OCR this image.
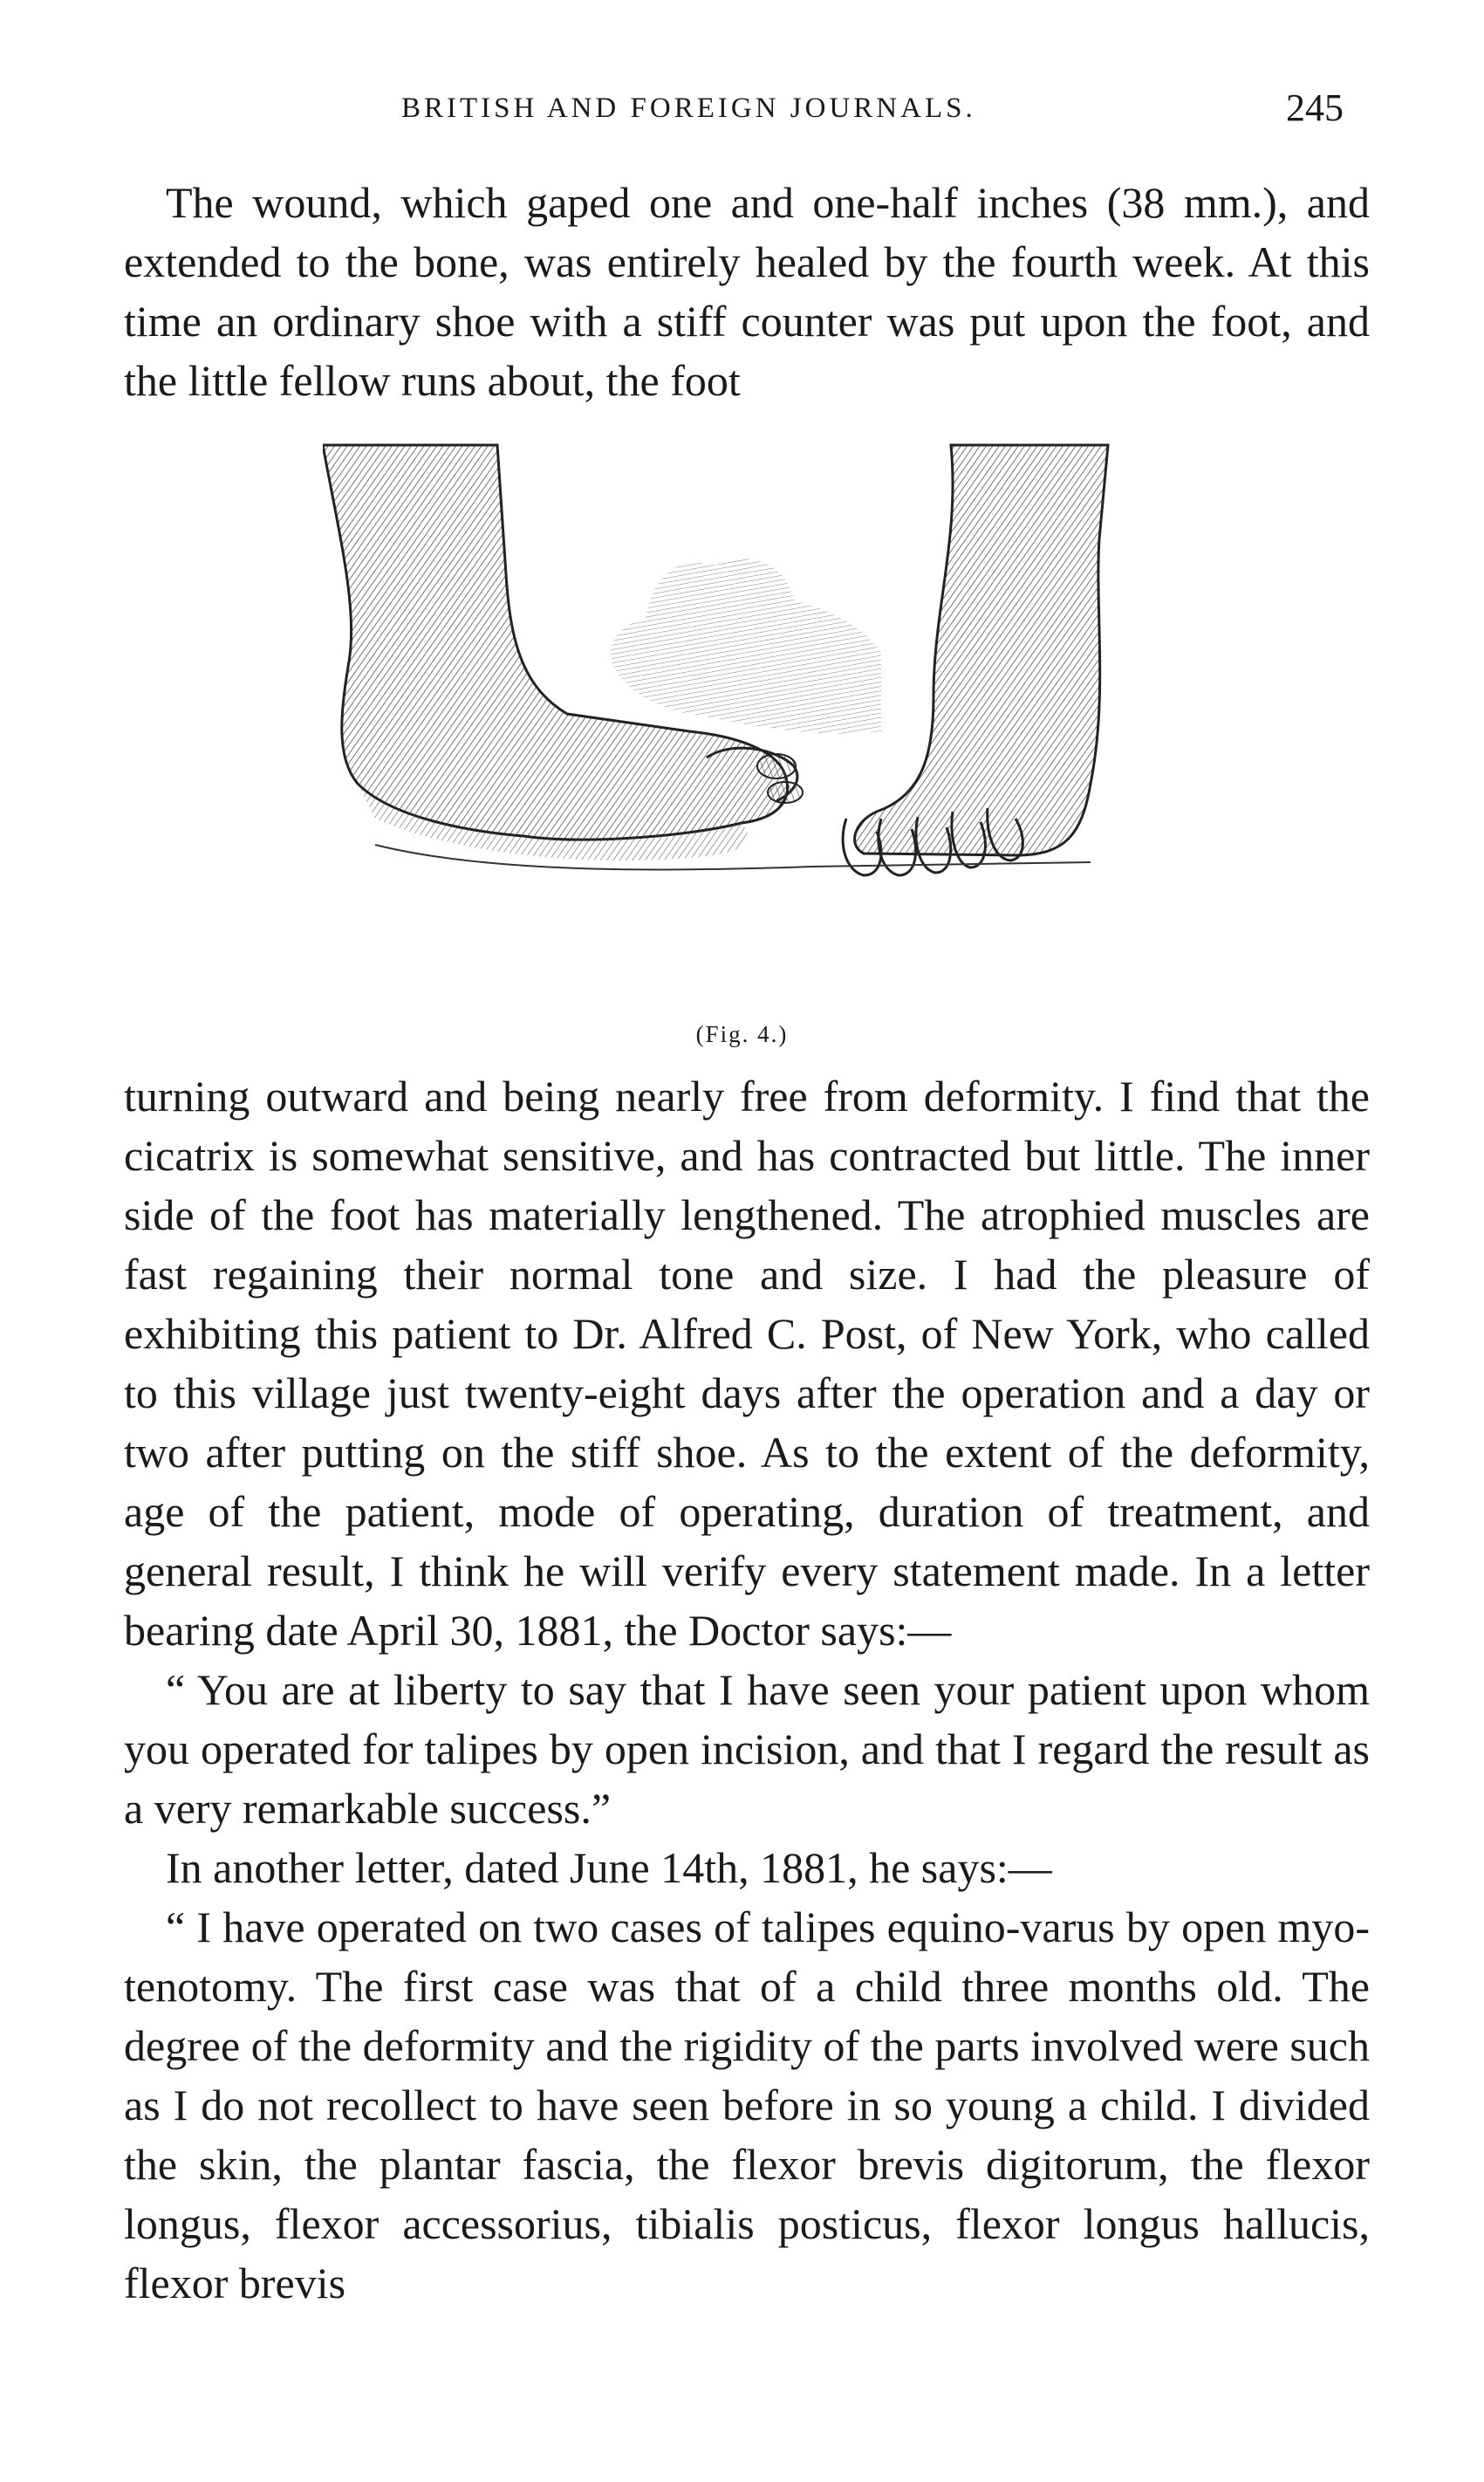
BRITISH AND FOREIGN JOURNALS.	245

The wound, which gaped one and one-half inches (38 mm.), and extended to the bone, was entirely healed by the fourth week. At this time an ordinary shoe with a stiff counter was put upon the foot, and the little fellow runs about, the foot

(Fig. 4.)

turning outward and being nearly free from deformity. I find that the cicatrix is somewhat sensitive, and has contracted but little. The inner side of the foot has materially lengthened. The atrophied muscles are fast regaining their normal tone and size. I had the pleasure of exhibiting this patient to Dr. Alfred C. Post, of New York, who called to this village just twenty-eight days after the operation and a day or two after putting on the stiff shoe. As to the extent of the deformity, age of the patient, mode of operating, duration of treatment, and general result, I think he will verify every statement made. In a letter bearing date April 30, 1881, the Doctor says:—

“ You are at liberty to say that I have seen your patient upon whom you operated for talipes by open incision, and that I regard the result as a very remarkable success.”

In another letter, dated June 14th, 1881, he says:—

“ I have operated on two cases of talipes equino-varus by open myo-tenotomy. The first case was that of a child three months old. The degree of the deformity and the rigidity of the parts involved were such as I do not recollect to have seen before in so young a child. I divided the skin, the plantar fascia, the flexor brevis digitorum, the flexor longus, flexor accessorius, tibialis posticus, flexor longus hallucis, flexor brevis
